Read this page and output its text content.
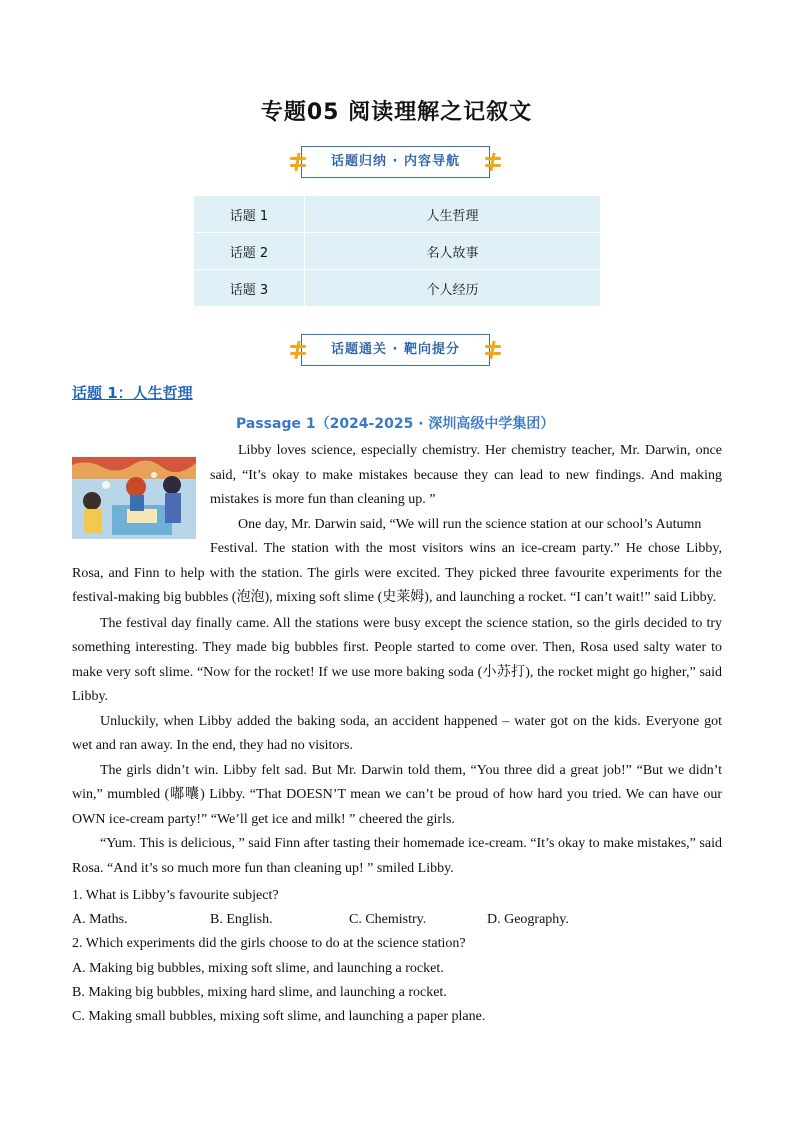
专题05 阅读理解之记叙文
话题归纳 · 内容导航
话题 1	人生哲理
话题 2	名人故事
话题 3	个人经历
话题通关 · 靶向提分
话题 1：人生哲理
Passage 1（2024-2025 · 深圳高级中学集团）

Libby loves science, especially chemistry. Her chemistry teacher, Mr. Darwin, once said, “It’s okay to make mistakes because they can lead to new findings. And making mistakes is more fun than cleaning up. ”

One day, Mr. Darwin said, “We will run the science station at our school’s Autumn

Festival. The station with the most visitors wins an ice-cream party.” He chose Libby, Rosa, and Finn to help with the station. The girls were excited. They picked three favourite experiments for the festival-making big bubbles (泡泡), mixing soft slime (史莱姆), and launching a rocket. “I can’t wait!” said Libby.

The festival day finally came. All the stations were busy except the science station, so the girls decided to try something interesting. They made big bubbles first. People started to come over. Then, Rosa used salty water to make very soft slime. “Now for the rocket! If we use more baking soda (小苏打), the rocket might go higher,” said Libby.

Unluckily, when Libby added the baking soda, an accident happened – water got on the kids. Everyone got wet and ran away. In the end, they had no visitors.

The girls didn’t win. Libby felt sad. But Mr. Darwin told them, “You three did a great job!” “But we didn’t win,” mumbled (嘟囔) Libby. “That DOESN’T mean we can’t be proud of how hard you tried. We can have our OWN ice-cream party!” “We’ll get ice and milk! ” cheered the girls.

“Yum. This is delicious, ” said Finn after tasting their homemade ice-cream. “It’s okay to make mistakes,” said Rosa. “And it’s so much more fun than cleaning up! ” smiled Libby.

1. What is Libby’s favourite subject?
A. Maths.	B. English.	C. Chemistry.	D. Geography.
2. Which experiments did the girls choose to do at the science station?
A. Making big bubbles, mixing soft slime, and launching a rocket.
B. Making big bubbles, mixing hard slime, and launching a rocket.
C. Making small bubbles, mixing soft slime, and launching a paper plane.
